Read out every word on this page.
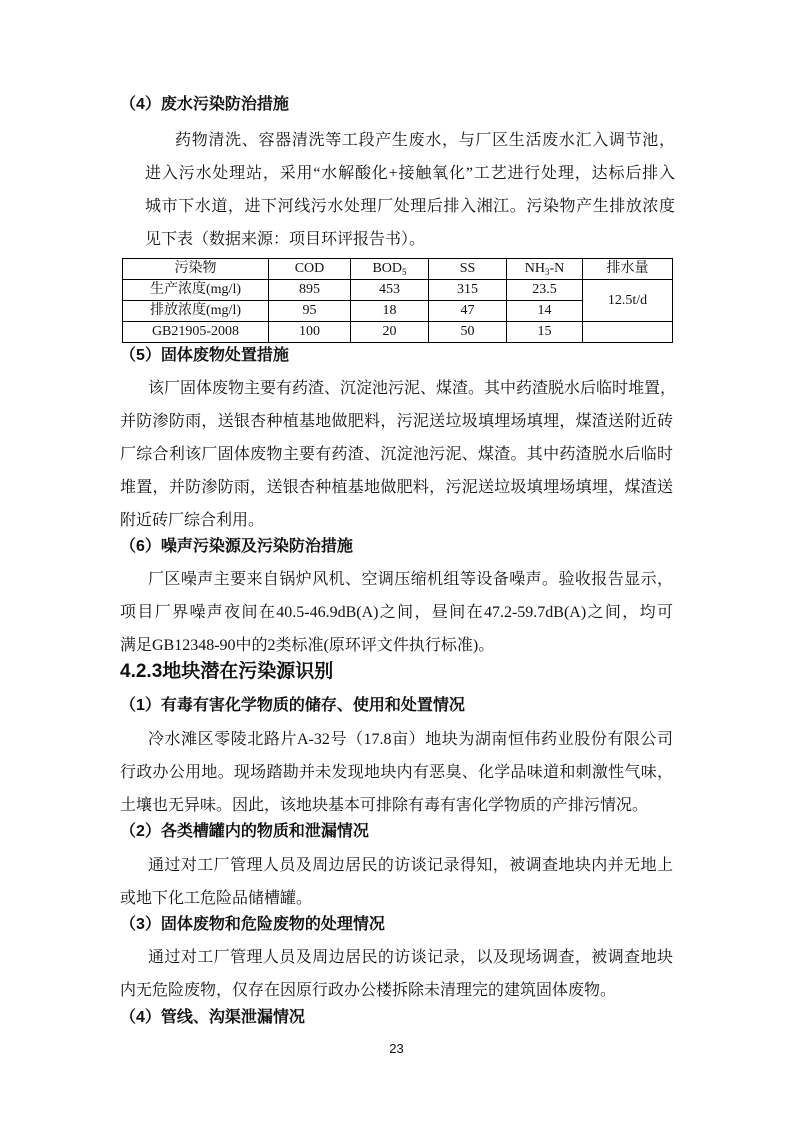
（4）废水污染防治措施
药物清洗、容器清洗等工段产生废水，与厂区生活废水汇入调节池，
进入污水处理站，采用“水解酸化+接触氧化”工艺进行处理，达标后排入
城市下水道，进下河线污水处理厂处理后排入湘江。污染物产生排放浓度
见下表（数据来源：项目环评报告书）。
污染物	COD	$BOD_5$	SS	$NH_3-N$	排水量
生产浓度(mg/l)	895	453	315	23.5	12.5t/d
排放浓度(mg/l)	95	18	47	14	
GB21905-2008	100	20	50	15	
（5）固体废物处置措施
该厂固体废物主要有药渣、沉淀池污泥、煤渣。其中药渣脱水后临时堆置，
并防渗防雨，送银杏种植基地做肥料，污泥送垃圾填埋场填埋，煤渣送附近砖
厂综合利该厂固体废物主要有药渣、沉淀池污泥、煤渣。其中药渣脱水后临时
堆置，并防渗防雨，送银杏种植基地做肥料，污泥送垃圾填埋场填埋，煤渣送
附近砖厂综合利用。
（6）噪声污染源及污染防治措施
厂区噪声主要来自锅炉风机、空调压缩机组等设备噪声。验收报告显示，
项目厂界噪声夜间在40.5-46.9dB(A)之间，昼间在47.2-59.7dB(A)之间，均可
满足GB12348-90中的2类标准(原环评文件执行标准)。
4.2.3地块潜在污染源识别
（1）有毒有害化学物质的储存、使用和处置情况
冷水滩区零陵北路片A-32号（17.8亩）地块为湖南恒伟药业股份有限公司
行政办公用地。现场踏勘并未发现地块内有恶臭、化学品味道和刺激性气味，
土壤也无异味。因此，该地块基本可排除有毒有害化学物质的产排污情况。
（2）各类槽罐内的物质和泄漏情况
通过对工厂管理人员及周边居民的访谈记录得知，被调查地块内并无地上
或地下化工危险品储槽罐。
（3）固体废物和危险废物的处理情况
通过对工厂管理人员及周边居民的访谈记录，以及现场调查，被调查地块
内无危险废物，仅存在因原行政办公楼拆除未清理完的建筑固体废物。
（4）管线、沟渠泄漏情况
23
